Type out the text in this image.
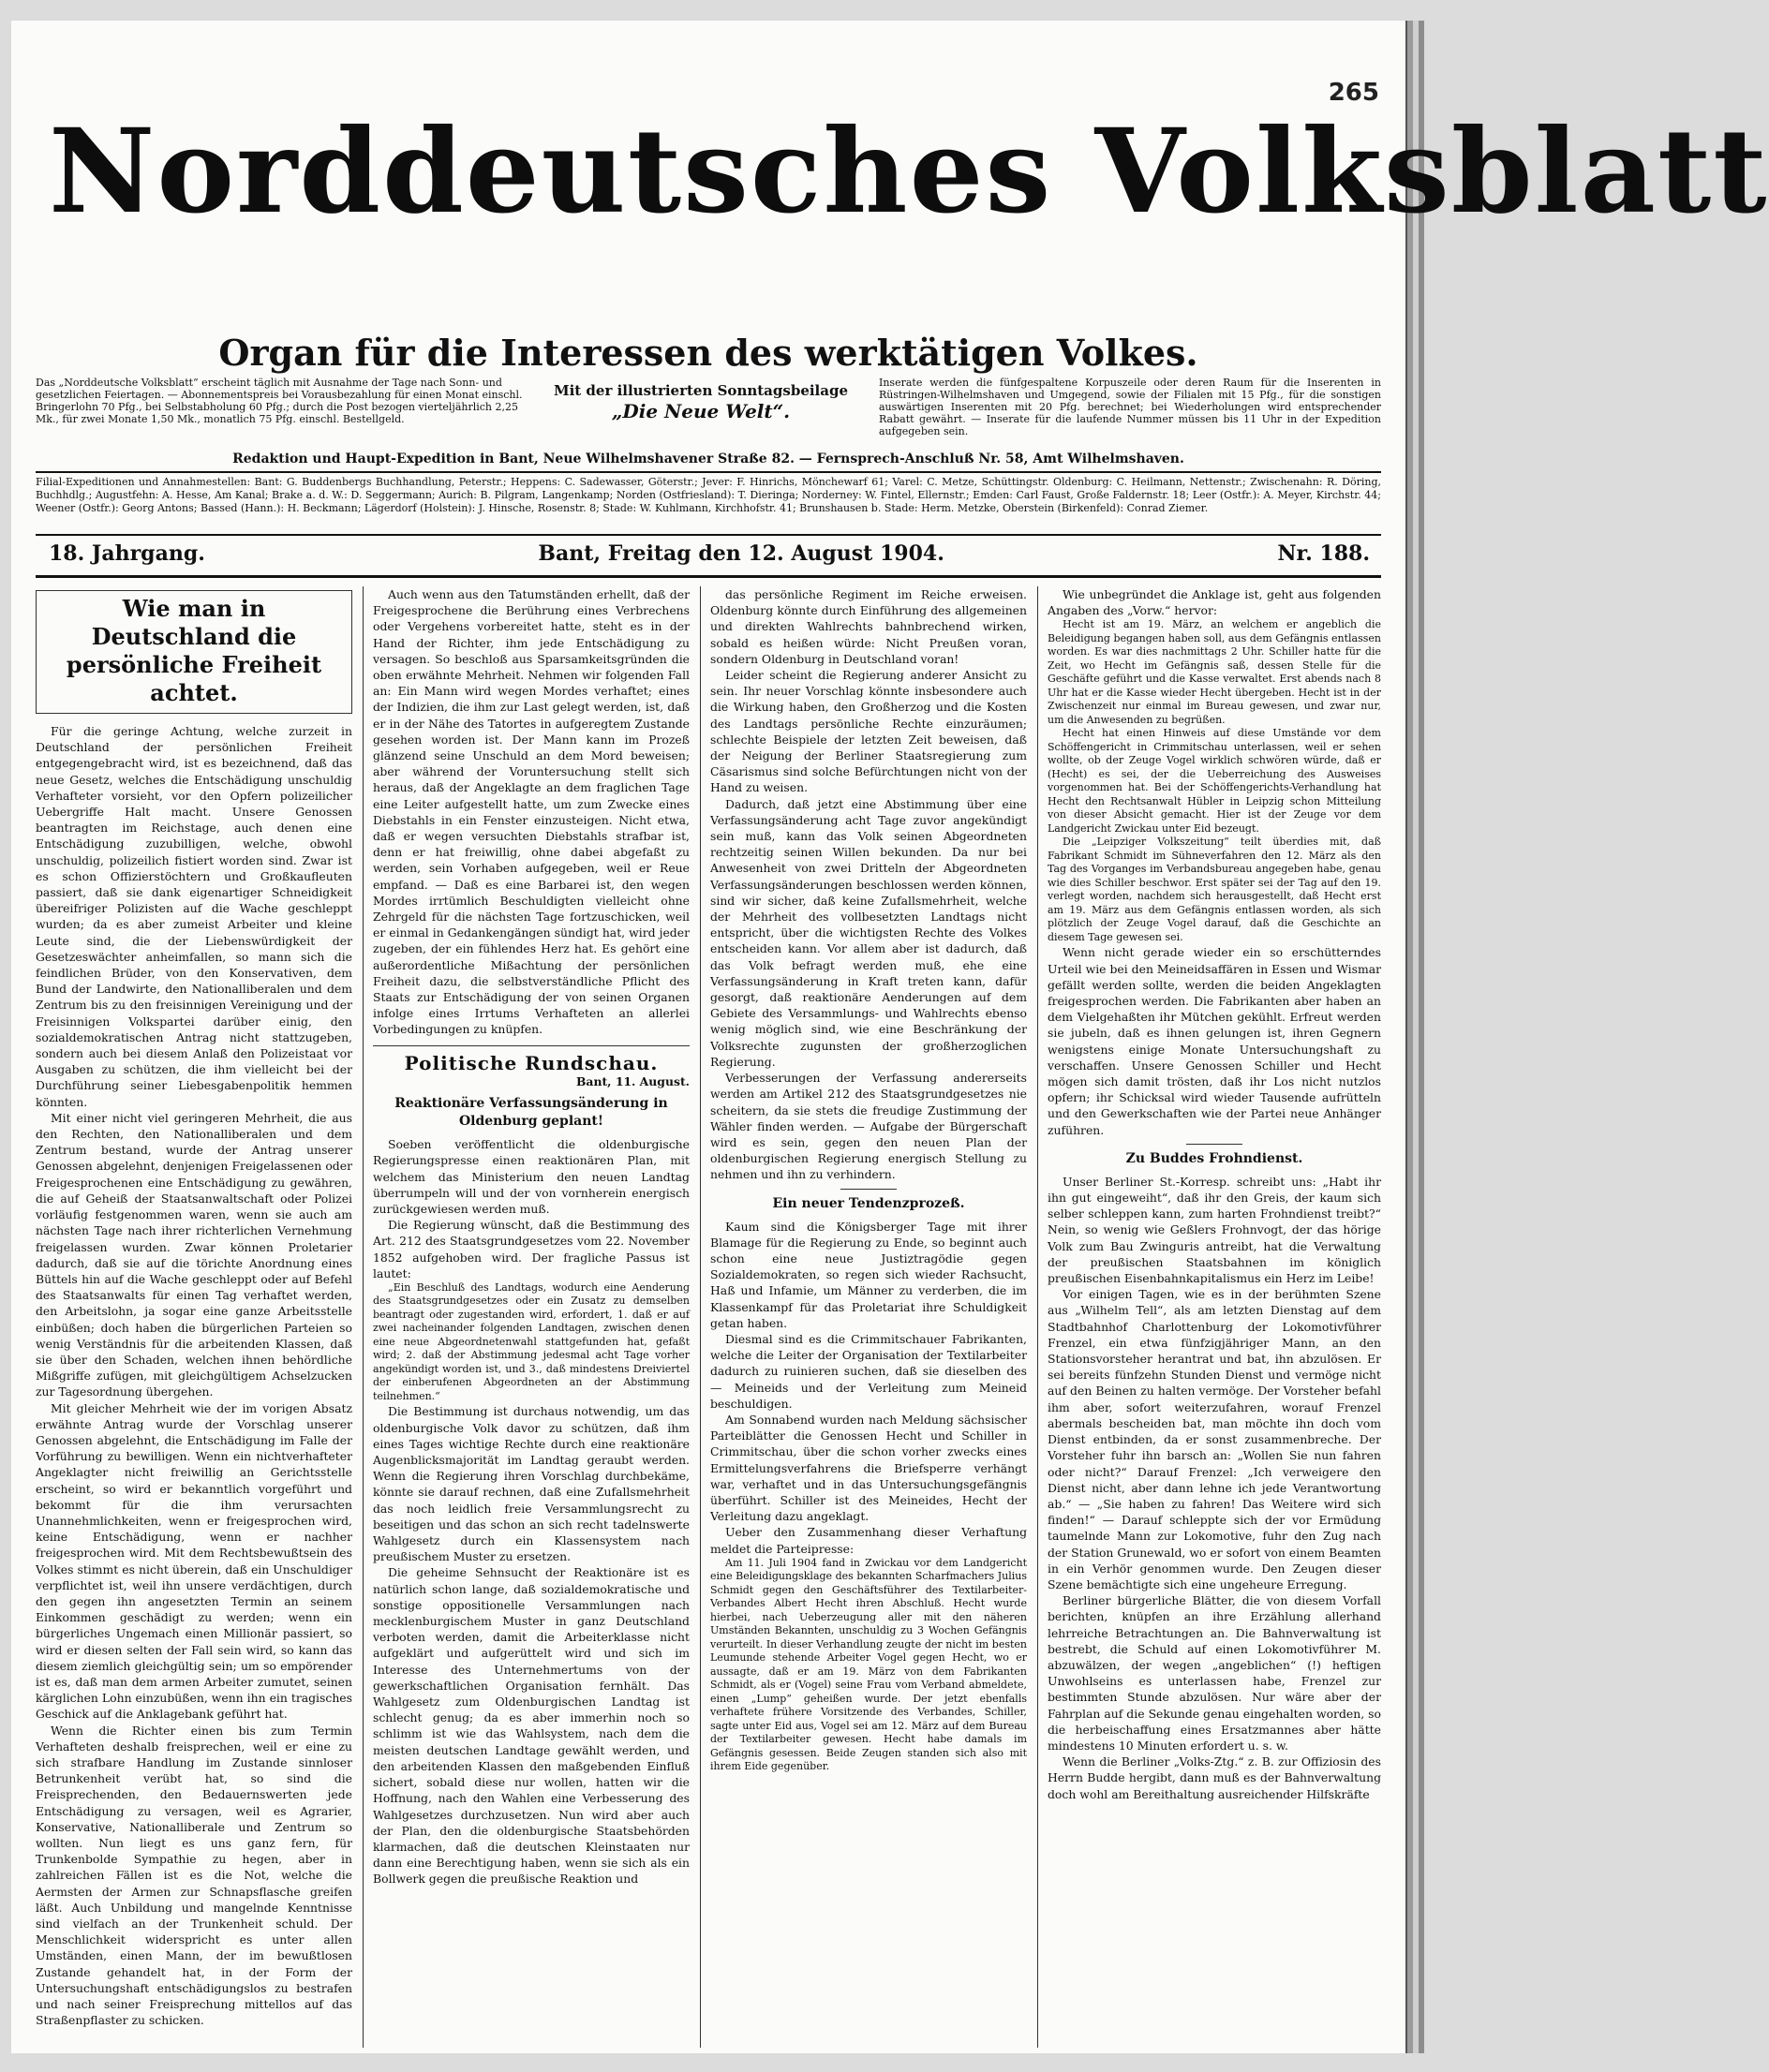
265
Norddeutsches Volksblatt
Organ für die Interessen des werktätigen Volkes.
Das „Norddeutsche Volksblatt“ erscheint täglich mit Ausnahme der Tage nach Sonn- und gesetzlichen Feiertagen. — Abonnementspreis bei Vorausbezahlung für einen Monat einschl. Bringerlohn 70 Pfg., bei Selbstabholung 60 Pfg.; durch die Post bezogen vierteljährlich 2,25 Mk., für zwei Monate 1,50 Mk., monatlich 75 Pfg. einschl. Bestellgeld.
Mit der illustrierten Sonntagsbeilage
„Die Neue Welt“.
Inserate werden die fünfgespaltene Korpuszeile oder deren Raum für die Inserenten in Rüstringen-Wilhelmshaven und Umgegend, sowie der Filialen mit 15 Pfg., für die sonstigen auswärtigen Inserenten mit 20 Pfg. berechnet; bei Wiederholungen wird entsprechender Rabatt gewährt. — Inserate für die laufende Nummer müssen bis 11 Uhr in der Expedition aufgegeben sein.
Redaktion und Haupt-Expedition in Bant, Neue Wilhelmshavener Straße 82. — Fernsprech-Anschluß Nr. 58, Amt Wilhelmshaven.
Filial-Expeditionen und Annahmestellen: Bant: G. Buddenbergs Buchhandlung, Peterstr.; Heppens: C. Sadewasser, Göterstr.; Jever: F. Hinrichs, Mönchewarf 61; Varel: C. Metze, Schüttingstr. Oldenburg: C. Heilmann, Nettenstr.; Zwischenahn: R. Döring, Buchhdlg.; Augustfehn: A. Hesse, Am Kanal; Brake a. d. W.: D. Seggermann; Aurich: B. Pilgram, Langenkamp; Norden (Ostfriesland): T. Dieringa; Norderney: W. Fintel, Ellernstr.; Emden: Carl Faust, Große Faldernstr. 18; Leer (Ostfr.): A. Meyer, Kirchstr. 44; Weener (Ostfr.): Georg Antons; Bassed (Hann.): H. Beckmann; Lägerdorf (Holstein): J. Hinsche, Rosenstr. 8; Stade: W. Kuhlmann, Kirchhofstr. 41; Brunshausen b. Stade: Herm. Metzke, Oberstein (Birkenfeld): Conrad Ziemer.
18. Jahrgang.	Bant, Freitag den 12. August 1904.	Nr. 188.
Wie man in Deutschland die persönliche Freiheit achtet.

Für die geringe Achtung, welche zurzeit in Deutschland der persönlichen Freiheit entgegengebracht wird, ist es bezeichnend, daß das neue Gesetz, welches die Entschädigung unschuldig Verhafteter vorsieht, vor den Opfern polizeilicher Uebergriffe Halt macht. Unsere Genossen beantragten im Reichstage, auch denen eine Entschädigung zuzubilligen, welche, obwohl unschuldig, polizeilich fistiert worden sind. Zwar ist es schon Offizierstöchtern und Großkaufleuten passiert, daß sie dank eigenartiger Schneidigkeit übereifriger Polizisten auf die Wache geschleppt wurden; da es aber zumeist Arbeiter und kleine Leute sind, die der Liebenswürdigkeit der Gesetzeswächter anheimfallen, so mann sich die feindlichen Brüder, von den Konservativen, dem Bund der Landwirte, den Nationalliberalen und dem Zentrum bis zu den freisinnigen Vereinigung und der Freisinnigen Volkspartei darüber einig, den sozialdemokratischen Antrag nicht stattzugeben, sondern auch bei diesem Anlaß den Polizeistaat vor Ausgaben zu schützen, die ihm vielleicht bei der Durchführung seiner Liebesgabenpolitik hemmen könnten.

Mit einer nicht viel geringeren Mehrheit, die aus den Rechten, den Nationalliberalen und dem Zentrum bestand, wurde der Antrag unserer Genossen abgelehnt, denjenigen Freigelassenen oder Freigesprochenen eine Entschädigung zu gewähren, die auf Geheiß der Staatsanwaltschaft oder Polizei vorläufig festgenommen waren, wenn sie auch am nächsten Tage nach ihrer richterlichen Vernehmung freigelassen wurden. Zwar können Proletarier dadurch, daß sie auf die törichte Anordnung eines Büttels hin auf die Wache geschleppt oder auf Befehl des Staatsanwalts für einen Tag verhaftet werden, den Arbeitslohn, ja sogar eine ganze Arbeitsstelle einbüßen; doch haben die bürgerlichen Parteien so wenig Verständnis für die arbeitenden Klassen, daß sie über den Schaden, welchen ihnen behördliche Mißgriffe zufügen, mit gleichgültigem Achselzucken zur Tagesordnung übergehen.

Mit gleicher Mehrheit wie der im vorigen Absatz erwähnte Antrag wurde der Vorschlag unserer Genossen abgelehnt, die Entschädigung im Falle der Vorführung zu bewilligen. Wenn ein nichtverhafteter Angeklagter nicht freiwillig an Gerichtsstelle erscheint, so wird er bekanntlich vorgeführt und bekommt für die ihm verursachten Unannehmlichkeiten, wenn er freigesprochen wird, keine Entschädigung, wenn er nachher freigesprochen wird. Mit dem Rechtsbewußtsein des Volkes stimmt es nicht überein, daß ein Unschuldiger verpflichtet ist, weil ihn unsere verdächtigen, durch den gegen ihn angesetzten Termin an seinem Einkommen geschädigt zu werden; wenn ein bürgerliches Ungemach einen Millionär passiert, so wird er diesen selten der Fall sein wird, so kann das diesem ziemlich gleichgültig sein; um so empörender ist es, daß man dem armen Arbeiter zumutet, seinen kärglichen Lohn einzubüßen, wenn ihn ein tragisches Geschick auf die Anklagebank geführt hat.

Wenn die Richter einen bis zum Termin Verhafteten deshalb freisprechen, weil er eine zu sich strafbare Handlung im Zustande sinnloser Betrunkenheit verübt hat, so sind die Freisprechenden, den Bedauernswerten jede Entschädigung zu versagen, weil es Agrarier, Konservative, Nationalliberale und Zentrum so wollten. Nun liegt es uns ganz fern, für Trunkenbolde Sympathie zu hegen, aber in zahlreichen Fällen ist es die Not, welche die Aermsten der Armen zur Schnapsflasche greifen läßt. Auch Unbildung und mangelnde Kenntnisse sind vielfach an der Trunkenheit schuld. Der Menschlichkeit widerspricht es unter allen Umständen, einen Mann, der im bewußtlosen Zustande gehandelt hat, in der Form der Untersuchungshaft entschädigungslos zu bestrafen und nach seiner Freisprechung mittellos auf das Straßenpflaster zu schicken.

Auch wenn aus den Tatumständen erhellt, daß der Freigesprochene die Berührung eines Verbrechens oder Vergehens vorbereitet hatte, steht es in der Hand der Richter, ihm jede Entschädigung zu versagen. So beschloß aus Sparsamkeitsgründen die oben erwähnte Mehrheit. Nehmen wir folgenden Fall an: Ein Mann wird wegen Mordes verhaftet; eines der Indizien, die ihm zur Last gelegt werden, ist, daß er in der Nähe des Tatortes in aufgeregtem Zustande gesehen worden ist. Der Mann kann im Prozeß glänzend seine Unschuld an dem Mord beweisen; aber während der Voruntersuchung stellt sich heraus, daß der Angeklagte an dem fraglichen Tage eine Leiter aufgestellt hatte, um zum Zwecke eines Diebstahls in ein Fenster einzusteigen. Nicht etwa, daß er wegen versuchten Diebstahls strafbar ist, denn er hat freiwillig, ohne dabei abgefaßt zu werden, sein Vorhaben aufgegeben, weil er Reue empfand. — Daß es eine Barbarei ist, den wegen Mordes irrtümlich Beschuldigten vielleicht ohne Zehrgeld für die nächsten Tage fortzuschicken, weil er einmal in Gedankengängen sündigt hat, wird jeder zugeben, der ein fühlendes Herz hat. Es gehört eine außerordentliche Mißachtung der persönlichen Freiheit dazu, die selbstverständliche Pflicht des Staats zur Entschädigung der von seinen Organen infolge eines Irrtums Verhafteten an allerlei Vorbedingungen zu knüpfen.

Politische Rundschau.
Bant, 11. August.
Reaktionäre Verfassungsänderung in Oldenburg geplant!

Soeben veröffentlicht die oldenburgische Regierungspresse einen reaktionären Plan, mit welchem das Ministerium den neuen Landtag überrumpeln will und der von vornherein energisch zurückgewiesen werden muß.

Die Regierung wünscht, daß die Bestimmung des Art. 212 des Staatsgrundgesetzes vom 22. November 1852 aufgehoben wird. Der fragliche Passus ist lautet:

„Ein Beschluß des Landtags, wodurch eine Aenderung des Staatsgrundgesetzes oder ein Zusatz zu demselben beantragt oder zugestanden wird, erfordert, 1. daß er auf zwei nacheinander folgenden Landtagen, zwischen denen eine neue Abgeordnetenwahl stattgefunden hat, gefaßt wird; 2. daß der Abstimmung jedesmal acht Tage vorher angekündigt worden ist, und 3., daß mindestens Dreiviertel der einberufenen Abgeordneten an der Abstimmung teilnehmen.“

Die Bestimmung ist durchaus notwendig, um das oldenburgische Volk davor zu schützen, daß ihm eines Tages wichtige Rechte durch eine reaktionäre Augenblicksmajorität im Landtag geraubt werden. Wenn die Regierung ihren Vorschlag durchbekäme, könnte sie darauf rechnen, daß eine Zufallsmehrheit das noch leidlich freie Versammlungsrecht zu beseitigen und das schon an sich recht tadelnswerte Wahlgesetz durch ein Klassensystem nach preußischem Muster zu ersetzen.

Die geheime Sehnsucht der Reaktionäre ist es natürlich schon lange, daß sozialdemokratische und sonstige oppositionelle Versammlungen nach mecklenburgischem Muster in ganz Deutschland verboten werden, damit die Arbeiterklasse nicht aufgeklärt und aufgerüttelt wird und sich im Interesse des Unternehmertums von der gewerkschaftlichen Organisation fernhält. Das Wahlgesetz zum Oldenburgischen Landtag ist schlecht genug; da es aber immerhin noch so schlimm ist wie das Wahlsystem, nach dem die meisten deutschen Landtage gewählt werden, und den arbeitenden Klassen den maßgebenden Einfluß sichert, sobald diese nur wollen, hatten wir die Hoffnung, nach den Wahlen eine Verbesserung des Wahlgesetzes durchzusetzen. Nun wird aber auch der Plan, den die oldenburgische Staatsbehörden klarmachen, daß die deutschen Kleinstaaten nur dann eine Berechtigung haben, wenn sie sich als ein Bollwerk gegen die preußische Reaktion und

das persönliche Regiment im Reiche erweisen. Oldenburg könnte durch Einführung des allgemeinen und direkten Wahlrechts bahnbrechend wirken, sobald es heißen würde: Nicht Preußen voran, sondern Oldenburg in Deutschland voran!

Leider scheint die Regierung anderer Ansicht zu sein. Ihr neuer Vorschlag könnte insbesondere auch die Wirkung haben, den Großherzog und die Kosten des Landtags persönliche Rechte einzuräumen; schlechte Beispiele der letzten Zeit beweisen, daß der Neigung der Berliner Staatsregierung zum Cäsarismus sind solche Befürchtungen nicht von der Hand zu weisen.

Dadurch, daß jetzt eine Abstimmung über eine Verfassungsänderung acht Tage zuvor angekündigt sein muß, kann das Volk seinen Abgeordneten rechtzeitig seinen Willen bekunden. Da nur bei Anwesenheit von zwei Dritteln der Abgeordneten Verfassungsänderungen beschlossen werden können, sind wir sicher, daß keine Zufallsmehrheit, welche der Mehrheit des vollbesetzten Landtags nicht entspricht, über die wichtigsten Rechte des Volkes entscheiden kann. Vor allem aber ist dadurch, daß das Volk befragt werden muß, ehe eine Verfassungsänderung in Kraft treten kann, dafür gesorgt, daß reaktionäre Aenderungen auf dem Gebiete des Versammlungs- und Wahlrechts ebenso wenig möglich sind, wie eine Beschränkung der Volksrechte zugunsten der großherzoglichen Regierung.

Verbesserungen der Verfassung andererseits werden am Artikel 212 des Staatsgrundgesetzes nie scheitern, da sie stets die freudige Zustimmung der Wähler finden werden. — Aufgabe der Bürgerschaft wird es sein, gegen den neuen Plan der oldenburgischen Regierung energisch Stellung zu nehmen und ihn zu verhindern.

Ein neuer Tendenzprozeß.

Kaum sind die Königsberger Tage mit ihrer Blamage für die Regierung zu Ende, so beginnt auch schon eine neue Justiztragödie gegen Sozialdemokraten, so regen sich wieder Rachsucht, Haß und Infamie, um Männer zu verderben, die im Klassenkampf für das Proletariat ihre Schuldigkeit getan haben.

Diesmal sind es die Crimmitschauer Fabrikanten, welche die Leiter der Organisation der Textilarbeiter dadurch zu ruinieren suchen, daß sie dieselben des — Meineids und der Verleitung zum Meineid beschuldigen.

Am Sonnabend wurden nach Meldung sächsischer Parteiblätter die Genossen Hecht und Schiller in Crimmitschau, über die schon vorher zwecks eines Ermittelungsverfahrens die Briefsperre verhängt war, verhaftet und in das Untersuchungsgefängnis überführt. Schiller ist des Meineides, Hecht der Verleitung dazu angeklagt.

Ueber den Zusammenhang dieser Verhaftung meldet die Parteipresse:

Am 11. Juli 1904 fand in Zwickau vor dem Landgericht eine Beleidigungsklage des bekannten Scharfmachers Julius Schmidt gegen den Geschäftsführer des Textilarbeiter-Verbandes Albert Hecht ihren Abschluß. Hecht wurde hierbei, nach Ueberzeugung aller mit den näheren Umständen Bekannten, unschuldig zu 3 Wochen Gefängnis verurteilt. In dieser Verhandlung zeugte der nicht im besten Leumunde stehende Arbeiter Vogel gegen Hecht, wo er aussagte, daß er am 19. März von dem Fabrikanten Schmidt, als er (Vogel) seine Frau vom Verband abmeldete, einen „Lump“ geheißen wurde. Der jetzt ebenfalls verhaftete frühere Vorsitzende des Verbandes, Schiller, sagte unter Eid aus, Vogel sei am 12. März auf dem Bureau der Textilarbeiter gewesen. Hecht habe damals im Gefängnis gesessen. Beide Zeugen standen sich also mit ihrem Eide gegenüber.

Wie unbegründet die Anklage ist, geht aus folgenden Angaben des „Vorw.“ hervor:

Hecht ist am 19. März, an welchem er angeblich die Beleidigung begangen haben soll, aus dem Gefängnis entlassen worden. Es war dies nachmittags 2 Uhr. Schiller hatte für die Zeit, wo Hecht im Gefängnis saß, dessen Stelle für die Geschäfte geführt und die Kasse verwaltet. Erst abends nach 8 Uhr hat er die Kasse wieder Hecht übergeben. Hecht ist in der Zwischenzeit nur einmal im Bureau gewesen, und zwar nur, um die Anwesenden zu begrüßen.

Hecht hat einen Hinweis auf diese Umstände vor dem Schöffengericht in Crimmitschau unterlassen, weil er sehen wollte, ob der Zeuge Vogel wirklich schwören würde, daß er (Hecht) es sei, der die Ueberreichung des Ausweises vorgenommen hat. Bei der Schöffengerichts-Verhandlung hat Hecht den Rechtsanwalt Hübler in Leipzig schon Mitteilung von dieser Absicht gemacht. Hier ist der Zeuge vor dem Landgericht Zwickau unter Eid bezeugt.

Die „Leipziger Volkszeitung“ teilt überdies mit, daß Fabrikant Schmidt im Sühneverfahren den 12. März als den Tag des Vorganges im Verbandsbureau angegeben habe, genau wie dies Schiller beschwor. Erst später sei der Tag auf den 19. verlegt worden, nachdem sich herausgestellt, daß Hecht erst am 19. März aus dem Gefängnis entlassen worden, als sich plötzlich der Zeuge Vogel darauf, daß die Geschichte an diesem Tage gewesen sei.

Wenn nicht gerade wieder ein so erschütterndes Urteil wie bei den Meineidsaffären in Essen und Wismar gefällt werden sollte, werden die beiden Angeklagten freigesprochen werden. Die Fabrikanten aber haben an dem Vielgehaßten ihr Mütchen gekühlt. Erfreut werden sie jubeln, daß es ihnen gelungen ist, ihren Gegnern wenigstens einige Monate Untersuchungshaft zu verschaffen. Unsere Genossen Schiller und Hecht mögen sich damit trösten, daß ihr Los nicht nutzlos opfern; ihr Schicksal wird wieder Tausende aufrütteln und den Gewerkschaften wie der Partei neue Anhänger zuführen.

Zu Buddes Frohndienst.

Unser Berliner St.-Korresp. schreibt uns: „Habt ihr ihn gut eingeweiht“, daß ihr den Greis, der kaum sich selber schleppen kann, zum harten Frohndienst treibt?“ Nein, so wenig wie Geßlers Frohnvogt, der das hörige Volk zum Bau Zwinguris antreibt, hat die Verwaltung der preußischen Staatsbahnen im königlich preußischen Eisenbahnkapitalismus ein Herz im Leibe!

Vor einigen Tagen, wie es in der berühmten Szene aus „Wilhelm Tell“, als am letzten Dienstag auf dem Stadtbahnhof Charlottenburg der Lokomotivführer Frenzel, ein etwa fünfzigjähriger Mann, an den Stationsvorsteher herantrat und bat, ihn abzulösen. Er sei bereits fünfzehn Stunden Dienst und vermöge nicht auf den Beinen zu halten vermöge. Der Vorsteher befahl ihm aber, sofort weiterzufahren, worauf Frenzel abermals bescheiden bat, man möchte ihn doch vom Dienst entbinden, da er sonst zusammenbreche. Der Vorsteher fuhr ihn barsch an: „Wollen Sie nun fahren oder nicht?“ Darauf Frenzel: „Ich verweigere den Dienst nicht, aber dann lehne ich jede Verantwortung ab.“ — „Sie haben zu fahren! Das Weitere wird sich finden!“ — Darauf schleppte sich der vor Ermüdung taumelnde Mann zur Lokomotive, fuhr den Zug nach der Station Grunewald, wo er sofort von einem Beamten in ein Verhör genommen wurde. Den Zeugen dieser Szene bemächtigte sich eine ungeheure Erregung.

Berliner bürgerliche Blätter, die von diesem Vorfall berichten, knüpfen an ihre Erzählung allerhand lehrreiche Betrachtungen an. Die Bahnverwaltung ist bestrebt, die Schuld auf einen Lokomotivführer M. abzuwälzen, der wegen „angeblichen“ (!) heftigen Unwohlseins es unterlassen habe, Frenzel zur bestimmten Stunde abzulösen. Nur wäre aber der Fahrplan auf die Sekunde genau eingehalten worden, so die herbeischaffung eines Ersatzmannes aber hätte mindestens 10 Minuten erfordert u. s. w.

Wenn die Berliner „Volks-Ztg.“ z. B. zur Offiziosin des Herrn Budde hergibt, dann muß es der Bahnverwaltung doch wohl am Bereithaltung ausreichender Hilfskräfte
